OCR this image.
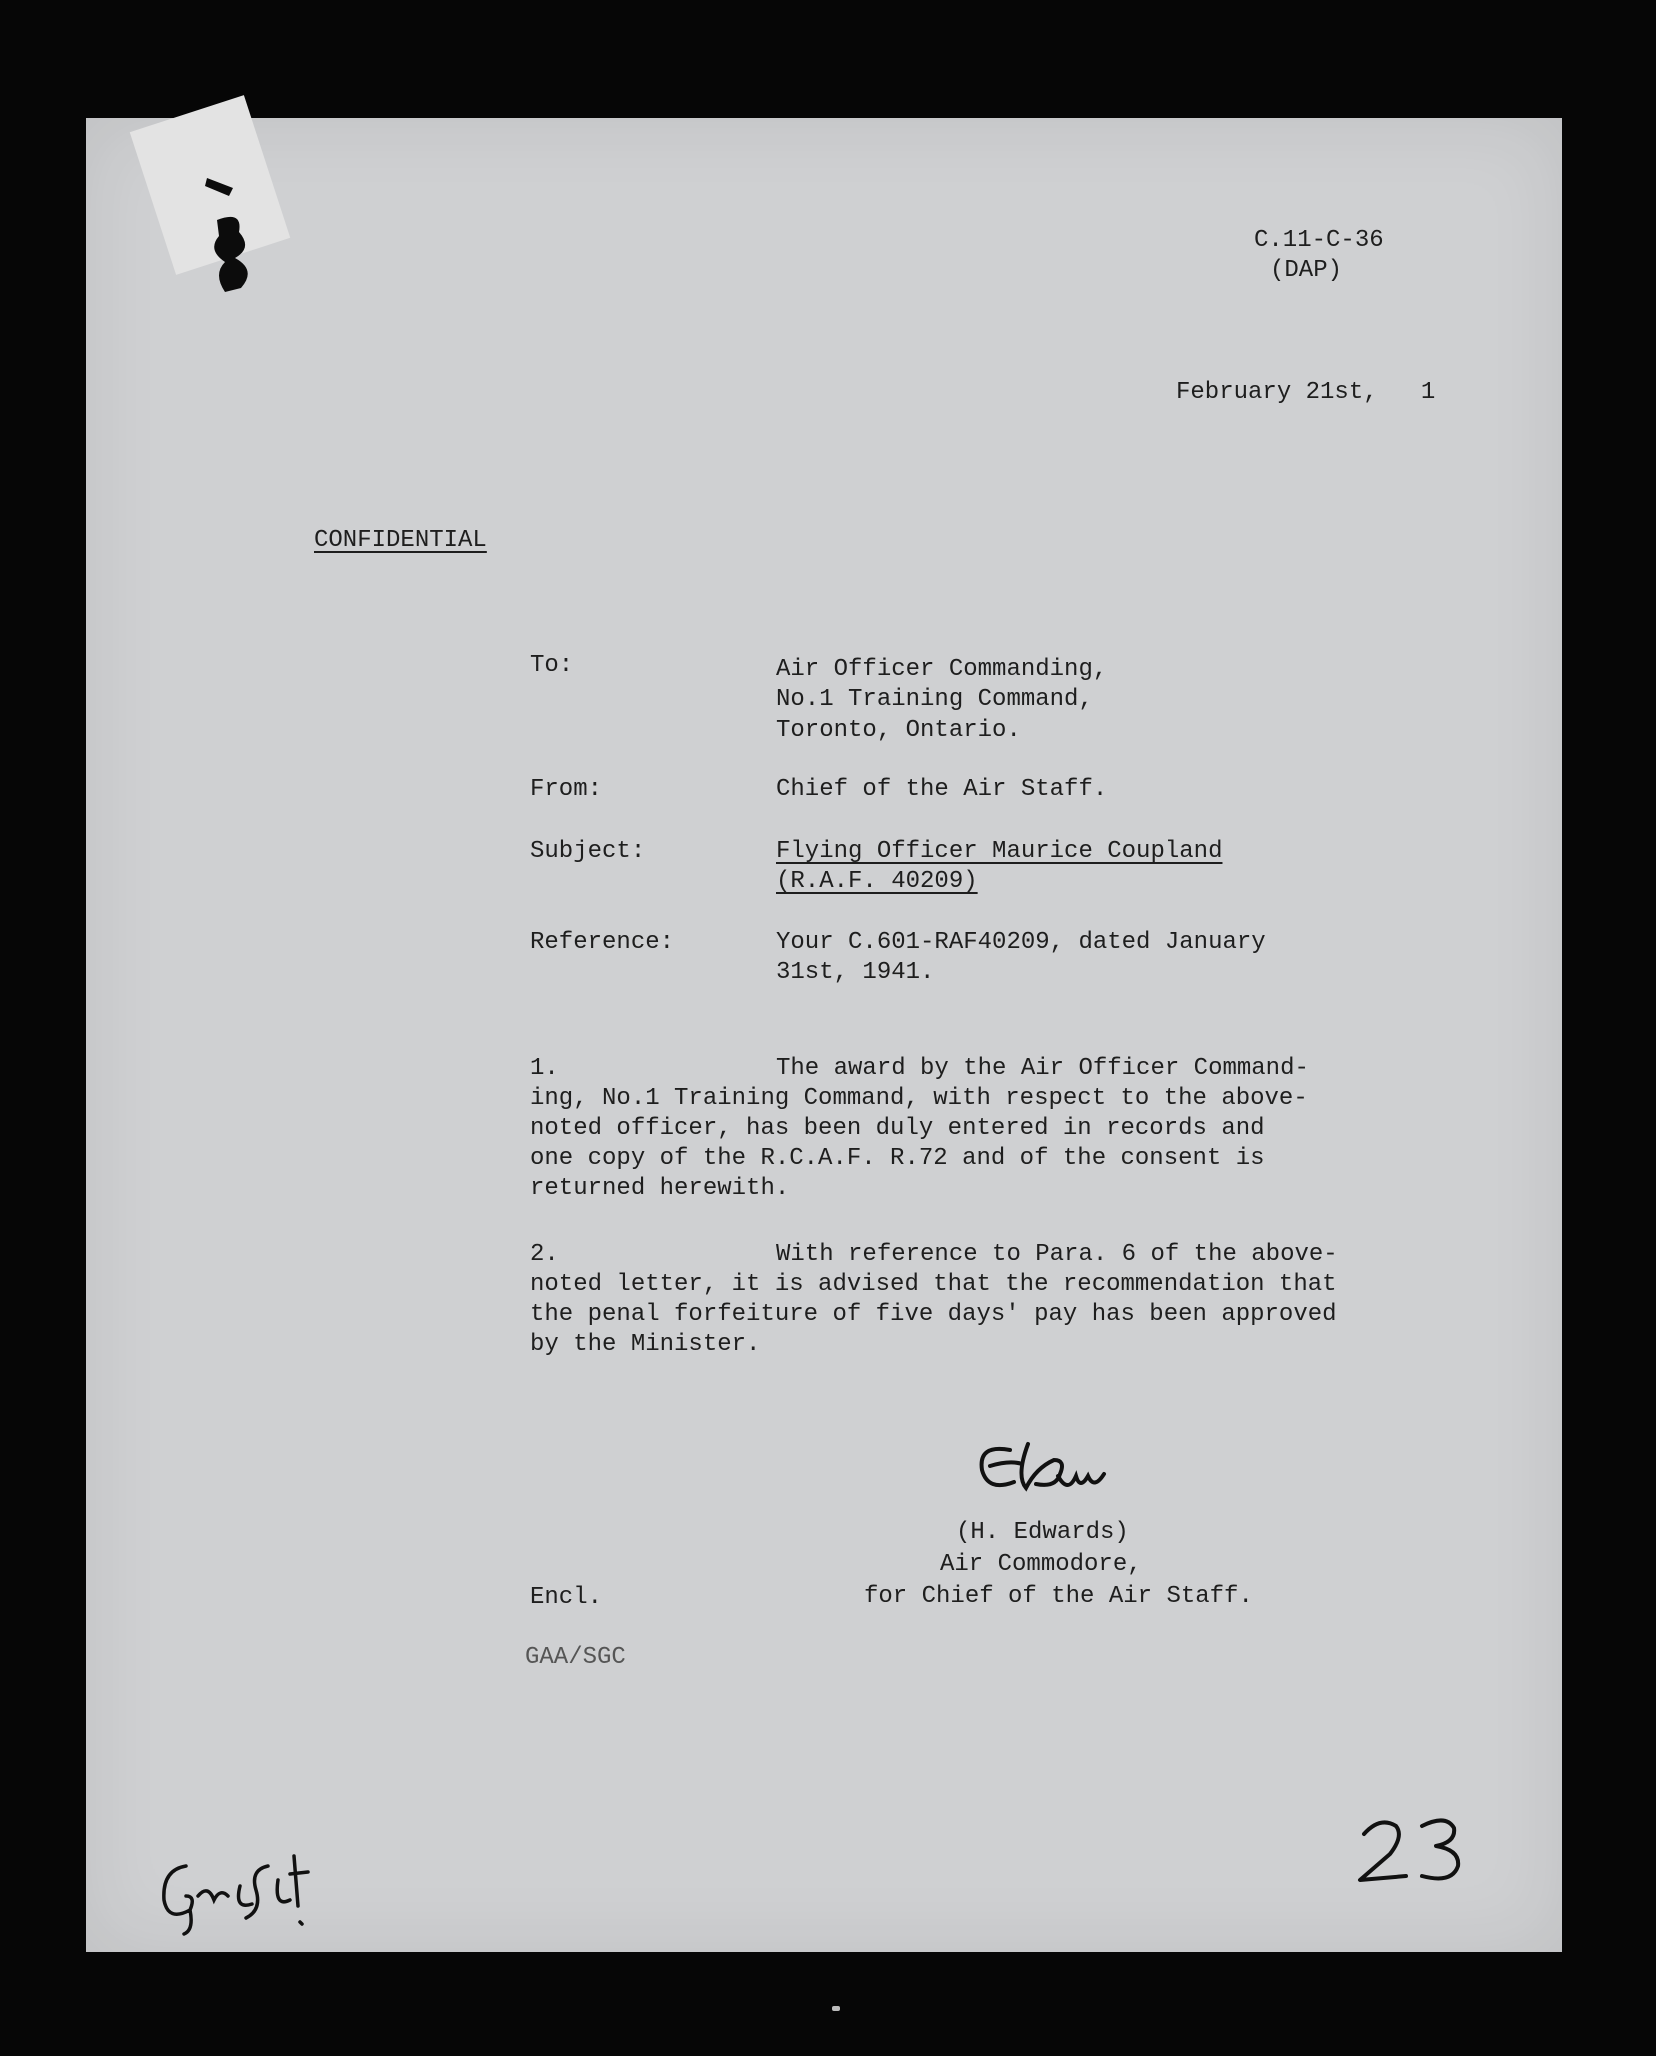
C.11-C-36
(DAP)
February 21st,   1
CONFIDENTIAL
To:	Air Officer Commanding,
No.1 Training Command,
Toronto, Ontario.
From:	Chief of the Air Staff.
Subject:	Flying Officer Maurice Coupland
(R.A.F. 40209)
Reference:	Your C.601-RAF40209, dated January
31st, 1941.
1.	The award by the Air Officer Command-
ing, No.1 Training Command, with respect to the above-
noted officer, has been duly entered in records and
one copy of the R.C.A.F. R.72 and of the consent is
returned herewith.
2.	With reference to Para. 6 of the above-
noted letter, it is advised that the recommendation that
the penal forfeiture of five days' pay has been approved
by the Minister.
(H. Edwards)
Air Commodore,
for Chief of the Air Staff.
Encl.
GAA/SGC
